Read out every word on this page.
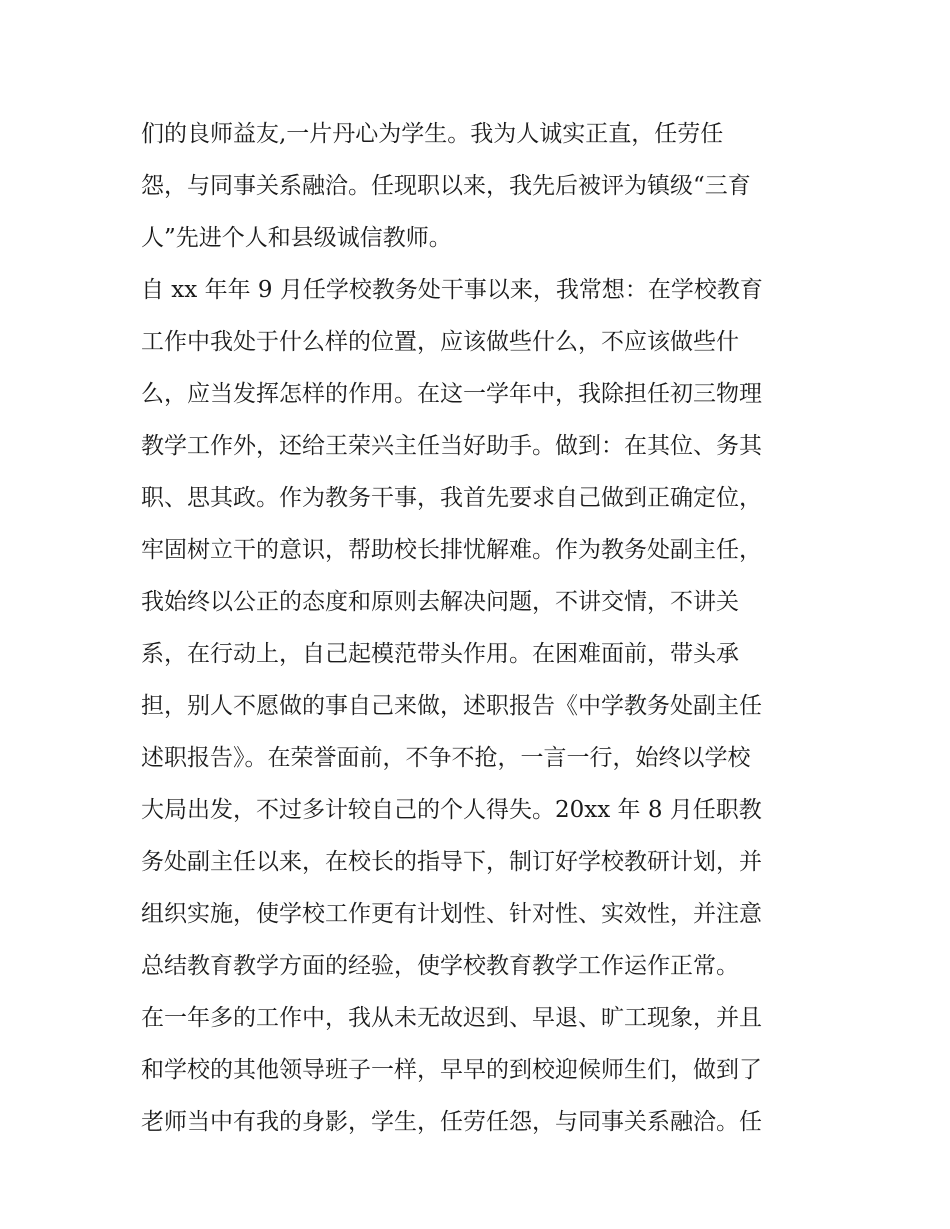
们的良师益友,一片丹心为学生。我为人诚实正直，任劳任
怨，与同事关系融洽。任现职以来，我先后被评为镇级“三育
人”先进个人和县级诚信教师。
自 xx 年年 9 月任学校教务处干事以来，我常想：在学校教育
工作中我处于什么样的位置，应该做些什么，不应该做些什
么，应当发挥怎样的作用。在这一学年中，我除担任初三物理
教学工作外，还给王荣兴主任当好助手。做到：在其位、务其
职、思其政。作为教务干事，我首先要求自己做到正确定位，
牢固树立干的意识，帮助校长排忧解难。作为教务处副主任，
我始终以公正的态度和原则去解决问题，不讲交情，不讲关
系，在行动上，自己起模范带头作用。在困难面前，带头承
担，别人不愿做的事自己来做，述职报告《中学教务处副主任
述职报告》。在荣誉面前，不争不抢，一言一行，始终以学校
大局出发，不过多计较自己的个人得失。20xx 年 8 月任职教
务处副主任以来，在校长的指导下，制订好学校教研计划，并
组织实施，使学校工作更有计划性、针对性、实效性，并注意
总结教育教学方面的经验，使学校教育教学工作运作正常。
在一年多的工作中，我从未无故迟到、早退、旷工现象，并且
和学校的其他领导班子一样，早早的到校迎候师生们，做到了
老师当中有我的身影，学生，任劳任怨，与同事关系融洽。任
